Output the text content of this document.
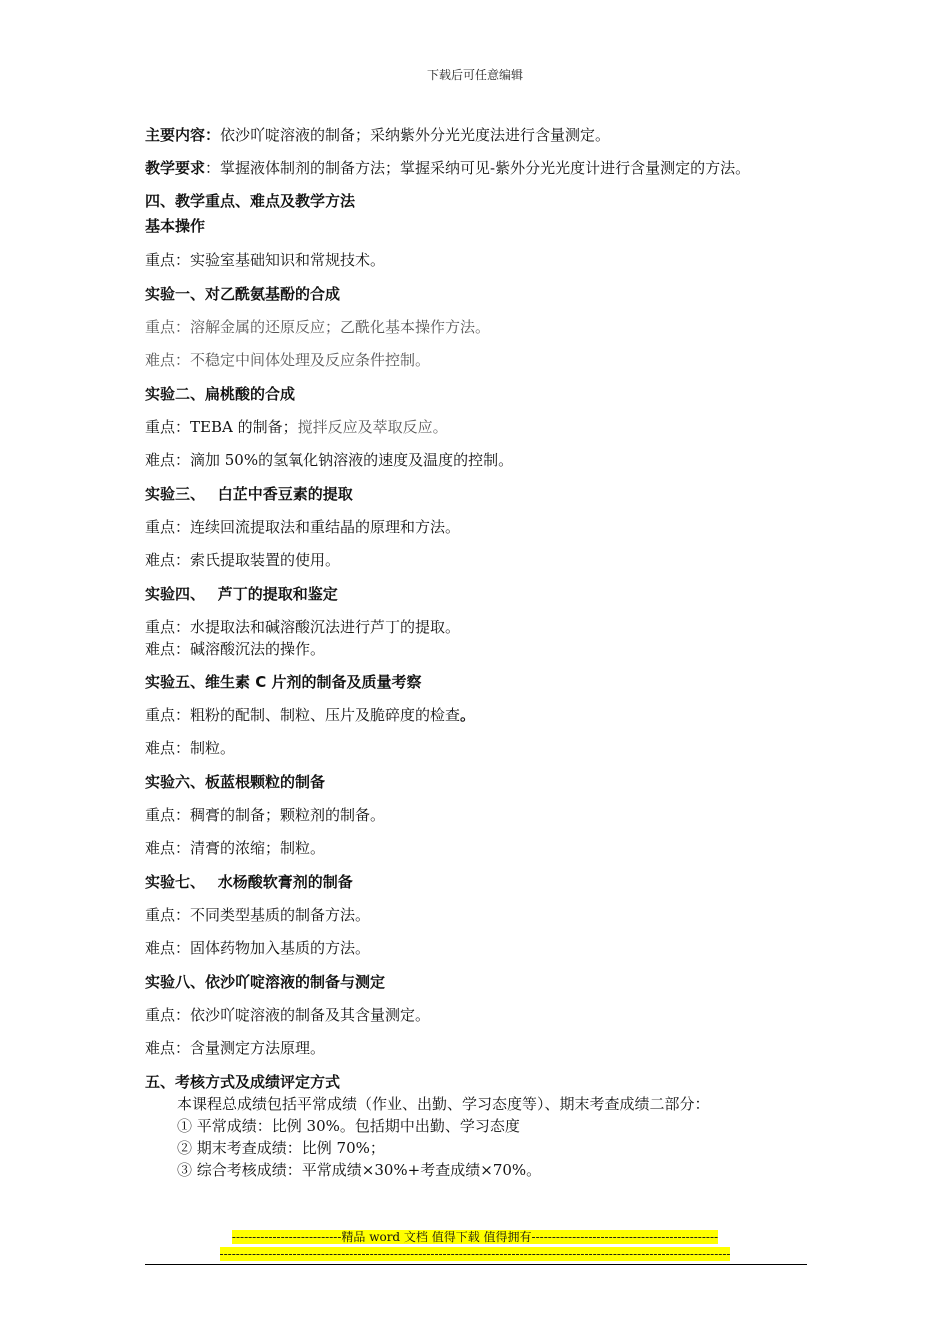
下载后可任意编辑

主要内容：依沙吖啶溶液的制备；采纳紫外分光光度法进行含量测定。

教学要求：掌握液体制剂的制备方法；掌握采纳可见-紫外分光光度计进行含量测定的方法。

四、教学重点、难点及教学方法

基本操作

重点：实验室基础知识和常规技术。

实验一、对乙酰氨基酚的合成

重点：溶解金属的还原反应；乙酰化基本操作方法。

难点：不稳定中间体处理及反应条件控制。

实验二、扁桃酸的合成

重点：TEBA 的制备；搅拌反应及萃取反应。

难点：滴加 50%的氢氧化钠溶液的速度及温度的控制。

实验三、　 白芷中香豆素的提取

重点：连续回流提取法和重结晶的原理和方法。

难点：索氏提取装置的使用。

实验四、　 芦丁的提取和鉴定

重点：水提取法和碱溶酸沉法进行芦丁的提取。

难点：碱溶酸沉法的操作。

实验五、维生素 C 片剂的制备及质量考察

重点：粗粉的配制、制粒、压片及脆碎度的检查。

难点：制粒。

实验六、板蓝根颗粒的制备

重点：稠膏的制备；颗粒剂的制备。

难点：清膏的浓缩；制粒。

实验七、　 水杨酸软膏剂的制备

重点：不同类型基质的制备方法。

难点：固体药物加入基质的方法。

实验八、依沙吖啶溶液的制备与测定

重点：依沙吖啶溶液的制备及其含量测定。

难点：含量测定方法原理。

五、考核方式及成绩评定方式

本课程总成绩包括平常成绩（作业、出勤、学习态度等）、期末考查成绩二部分：

① 平常成绩：比例 30%。包括期中出勤、学习态度

② 期末考查成绩：比例 70%；

③ 综合考核成绩：平常成绩×30%+考查成绩×70%。

---------------------------精品 word 文档 值得下载 值得拥有----------------------------------------------
------------------------------------------------------------------------------------------------------------------------------
